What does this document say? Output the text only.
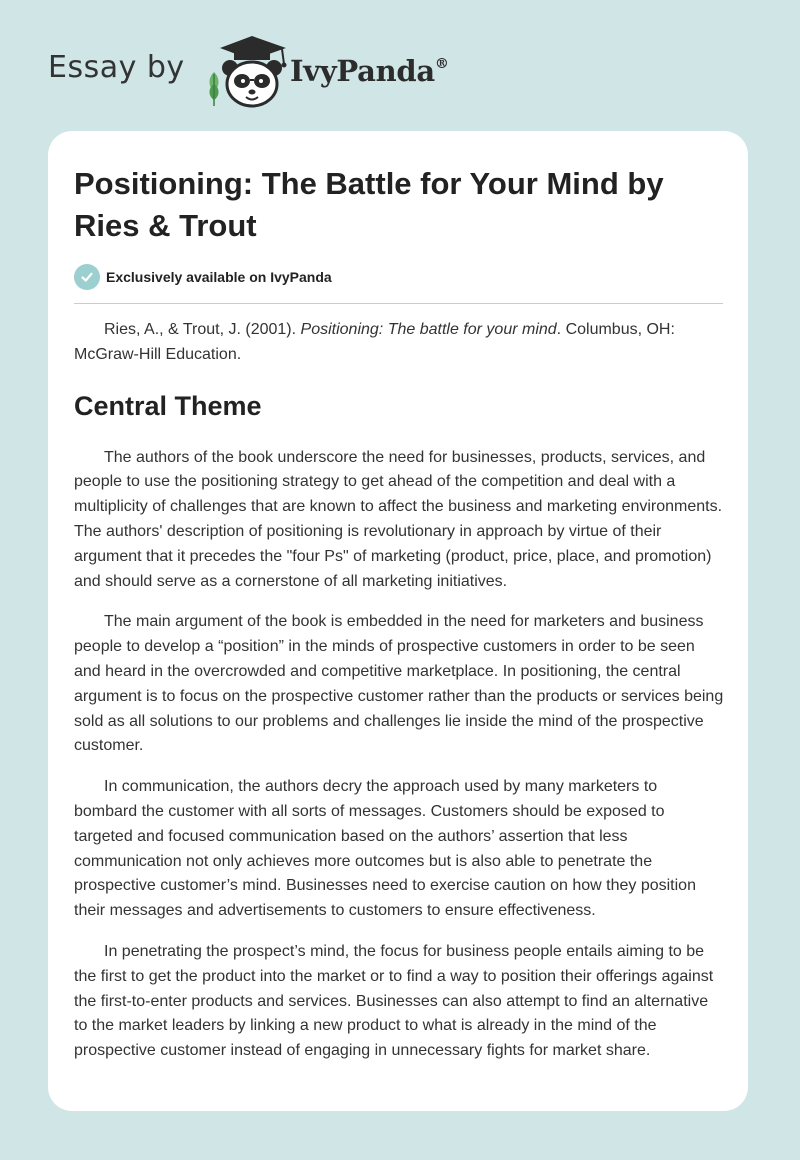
Essay by	IvyPanda®
Positioning: The Battle for Your Mind by Ries & Trout
Exclusively available on IvyPanda

Ries, A., & Trout, J. (2001). Positioning: The battle for your mind. Columbus, OH: McGraw-Hill Education.

Central Theme

The authors of the book underscore the need for businesses, products, services, and people to use the positioning strategy to get ahead of the competition and deal with a multiplicity of challenges that are known to affect the business and marketing environments. The authors' description of positioning is revolutionary in approach by virtue of their argument that it precedes the "four Ps" of marketing (product, price, place, and promotion) and should serve as a cornerstone of all marketing initiatives.

The main argument of the book is embedded in the need for marketers and business people to develop a “position” in the minds of prospective customers in order to be seen and heard in the overcrowded and competitive marketplace. In positioning, the central argument is to focus on the prospective customer rather than the products or services being sold as all solutions to our problems and challenges lie inside the mind of the prospective customer.

In communication, the authors decry the approach used by many marketers to bombard the customer with all sorts of messages. Customers should be exposed to targeted and focused communication based on the authors’ assertion that less communication not only achieves more outcomes but is also able to penetrate the prospective customer’s mind. Businesses need to exercise caution on how they position their messages and advertisements to customers to ensure effectiveness.

In penetrating the prospect’s mind, the focus for business people entails aiming to be the first to get the product into the market or to find a way to position their offerings against the first-to-enter products and services. Businesses can also attempt to find an alternative to the market leaders by linking a new product to what is already in the mind of the prospective customer instead of engaging in unnecessary fights for market share.
